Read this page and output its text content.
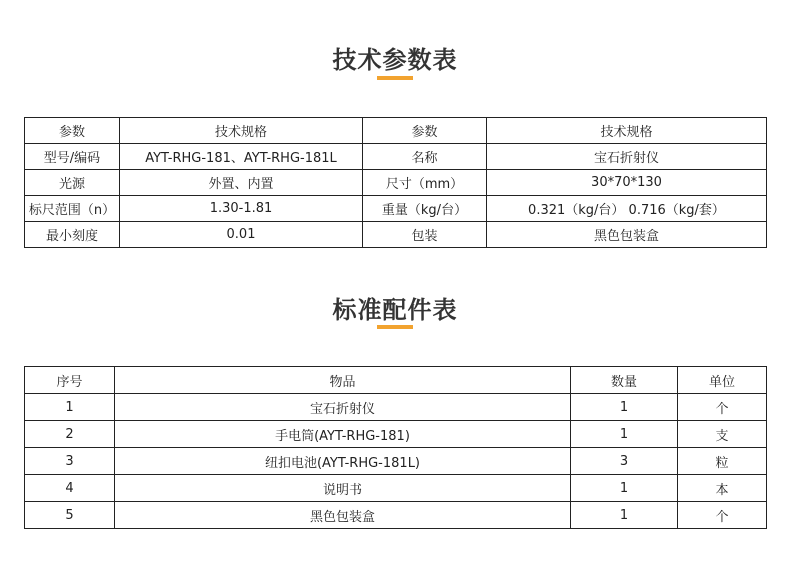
技术参数表
参数	技术规格	参数	技术规格
型号/编码	AYT-RHG-181、AYT-RHG-181L	名称	宝石折射仪
光源	外置、内置	尺寸（mm）	30*70*130
标尺范围（n）	1.30-1.81	重量（kg/台）	0.321（kg/台） 0.716（kg/套）
最小刻度	0.01	包装	黑色包装盒
标准配件表
序号	物品	数量	单位
1	宝石折射仪	1	个
2	手电筒(AYT-RHG-181)	1	支
3	纽扣电池(AYT-RHG-181L)	3	粒
4	说明书	1	本
5	黑色包装盒	1	个
